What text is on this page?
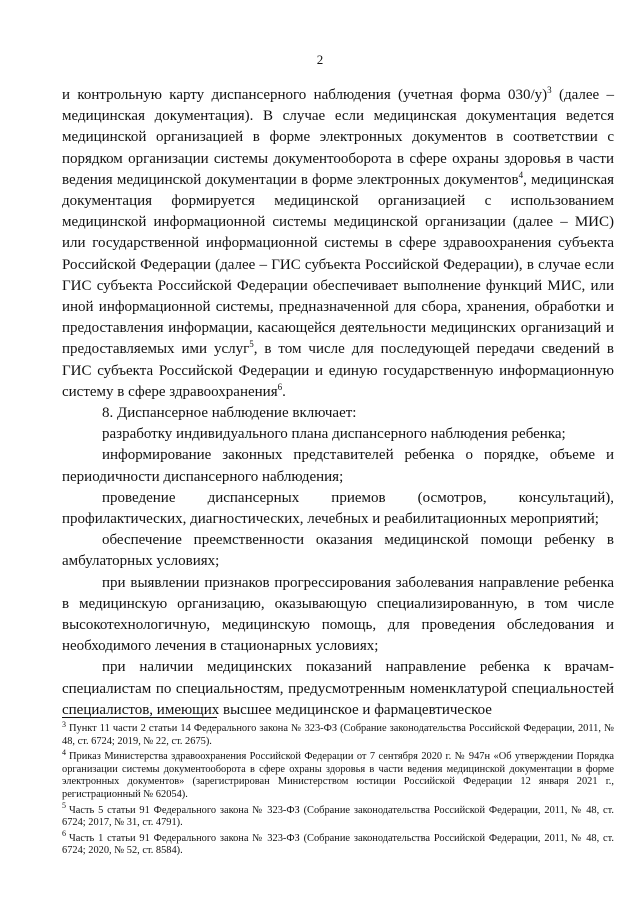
2

и контрольную карту диспансерного наблюдения (учетная форма 030/у)$^3$ (далее – медицинская документация). В случае если медицинская документация ведется медицинской организацией в форме электронных документов в соответствии с порядком организации системы документооборота в сфере охраны здоровья в части ведения медицинской документации в форме электронных документов$^4$, медицинская документация формируется медицинской организацией с использованием медицинской информационной системы медицинской организации (далее – МИС) или государственной информационной системы в сфере здравоохранения субъекта Российской Федерации (далее – ГИС субъекта Российской Федерации), в случае если ГИС субъекта Российской Федерации обеспечивает выполнение функций МИС, или иной информационной системы, предназначенной для сбора, хранения, обработки и предоставления информации, касающейся деятельности медицинских организаций и предоставляемых ими услуг$^5$, в том числе для последующей передачи сведений в ГИС субъекта Российской Федерации и единую государственную информационную систему в сфере здравоохранения$^6$.

8. Диспансерное наблюдение включает:

разработку индивидуального плана диспансерного наблюдения ребенка;

информирование законных представителей ребенка о порядке, объеме и периодичности диспансерного наблюдения;

проведение диспансерных приемов (осмотров, консультаций), профилактических, диагностических, лечебных и реабилитационных мероприятий;

обеспечение преемственности оказания медицинской помощи ребенку в амбулаторных условиях;

при выявлении признаков прогрессирования заболевания направление ребенка в медицинскую организацию, оказывающую специализированную, в том числе высокотехнологичную, медицинскую помощь, для проведения обследования и необходимого лечения в стационарных условиях;

при наличии медицинских показаний направление ребенка к врачам-специалистам по специальностям, предусмотренным номенклатурой специальностей специалистов, имеющих высшее медицинское и фармацевтическое

$^3$ Пункт 11 части 2 статьи 14 Федерального закона № 323-ФЗ (Собрание законодательства Российской Федерации, 2011, № 48, ст. 6724; 2019, № 22, ст. 2675).

$^4$ Приказ Министерства здравоохранения Российской Федерации от 7 сентября 2020 г. № 947н «Об утверждении Порядка организации системы документооборота в сфере охраны здоровья в части ведения медицинской документации в форме электронных документов» (зарегистрирован Министерством юстиции Российской Федерации 12 января 2021 г., регистрационный № 62054).

$^5$ Часть 5 статьи 91 Федерального закона № 323-ФЗ (Собрание законодательства Российской Федерации, 2011, № 48, ст. 6724; 2017, № 31, ст. 4791).

$^6$ Часть 1 статьи 91 Федерального закона № 323-ФЗ (Собрание законодательства Российской Федерации, 2011, № 48, ст. 6724; 2020, № 52, ст. 8584).
